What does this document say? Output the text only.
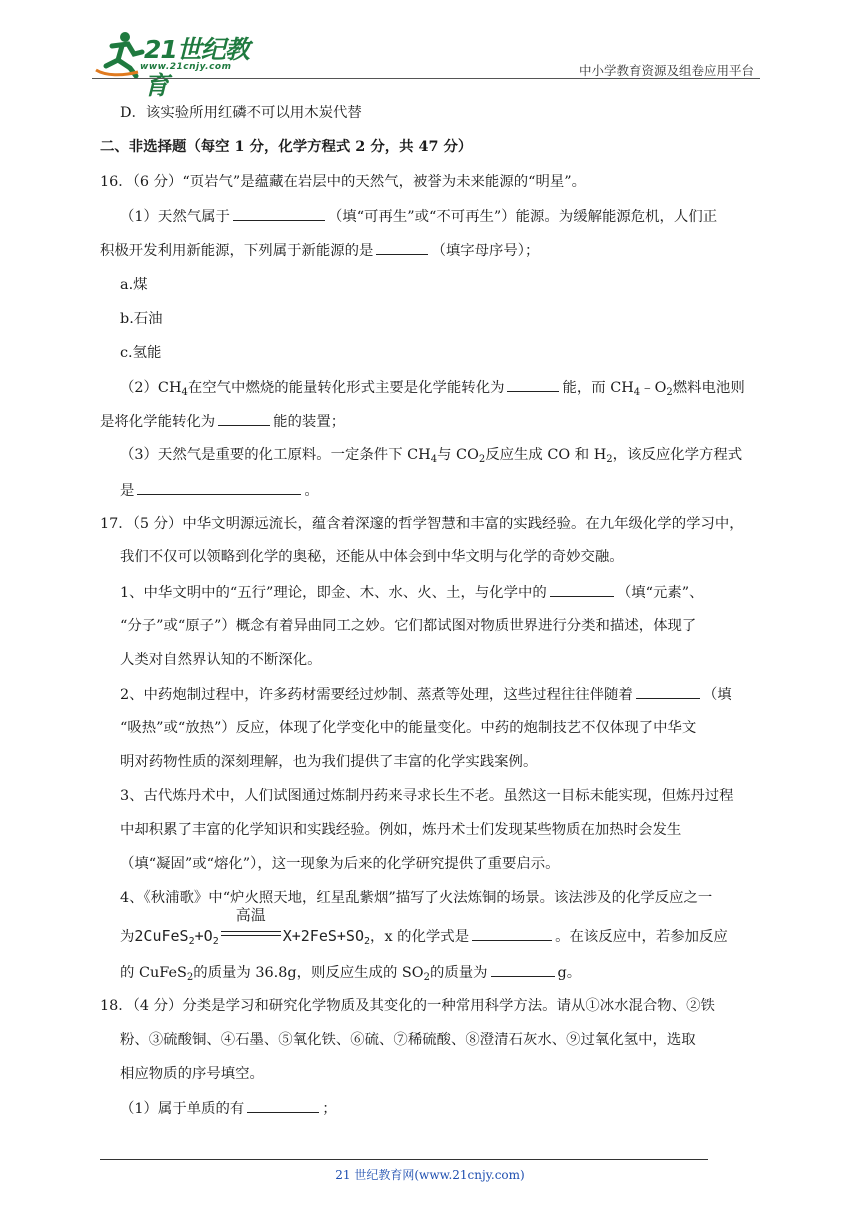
21世纪教育
www.21cnjy.com	中小学教育资源及组卷应用平台
D．该实验所用红磷不可以用木炭代替
二、非选择题（每空 1 分，化学方程式 2 分，共 47 分）
16．（6 分）“页岩气”是蕴藏在岩层中的天然气，被誉为未来能源的“明星”。
（1）天然气属于	（填“可再生”或“不可再生”）能源。为缓解能源危机，人们正
积极开发利用新能源，下列属于新能源的是	（填字母序号）；
a.煤
b.石油
c.氢能
$(2)CH_4$在空气中燃烧的能量转化形式主要是化学能转化为	能，而 $CH_4﹣O_2$燃料电池则
是将化学能转化为	能的装置；
（3）天然气是重要的化工原料。一定条件下 $CH_4$与 $CO_2$反应生成 CO 和 $H_2$，该反应化学方程式
是	。
17．（5 分）中华文明源远流长，蕴含着深邃的哲学智慧和丰富的实践经验。在九年级化学的学习中，
我们不仅可以领略到化学的奥秘，还能从中体会到中华文明与化学的奇妙交融。
1、中华文明中的“五行”理论，即金、木、水、火、土，与化学中的	（填“元素”、
“分子”或“原子”）概念有着异曲同工之妙。它们都试图对物质世界进行分类和描述，体现了
人类对自然界认知的不断深化。
2、中药炮制过程中，许多药材需要经过炒制、蒸煮等处理，这些过程往往伴随着	（填
“吸热”或“放热”）反应，体现了化学变化中的能量变化。中药的炮制技艺不仅体现了中华文
明对药物性质的深刻理解，也为我们提供了丰富的化学实践案例。
3、古代炼丹术中，人们试图通过炼制丹药来寻求长生不老。虽然这一目标未能实现，但炼丹过程
中却积累了丰富的化学知识和实践经验。例如，炼丹术士们发现某些物质在加热时会发生
（填“凝固”或“熔化”），这一现象为后来的化学研究提供了重要启示。
4、《秋浦歌》中“炉火照天地，红星乱紫烟”描写了火法炼铜的场景。该法涉及的化学反应之一
为$2CuFeS_2+O_2$
高温
$X+2FeS+SO_2$，x 的化学式是	。在该反应中，若参加反应
的 CuFeS$_2$的质量为 36.8g，则反应生成的 $SO_2$的质量为	g。
18．（4 分）分类是学习和研究化学物质及其变化的一种常用科学方法。请从①冰水混合物、②铁
粉、③硫酸铜、④石墨、⑤氧化铁、⑥硫、⑦稀硫酸、⑧澄清石灰水、⑨过氧化氢中，选取
相应物质的序号填空。
（1）属于单质的有	；
21 世纪教育网(www.21cnjy.com)
